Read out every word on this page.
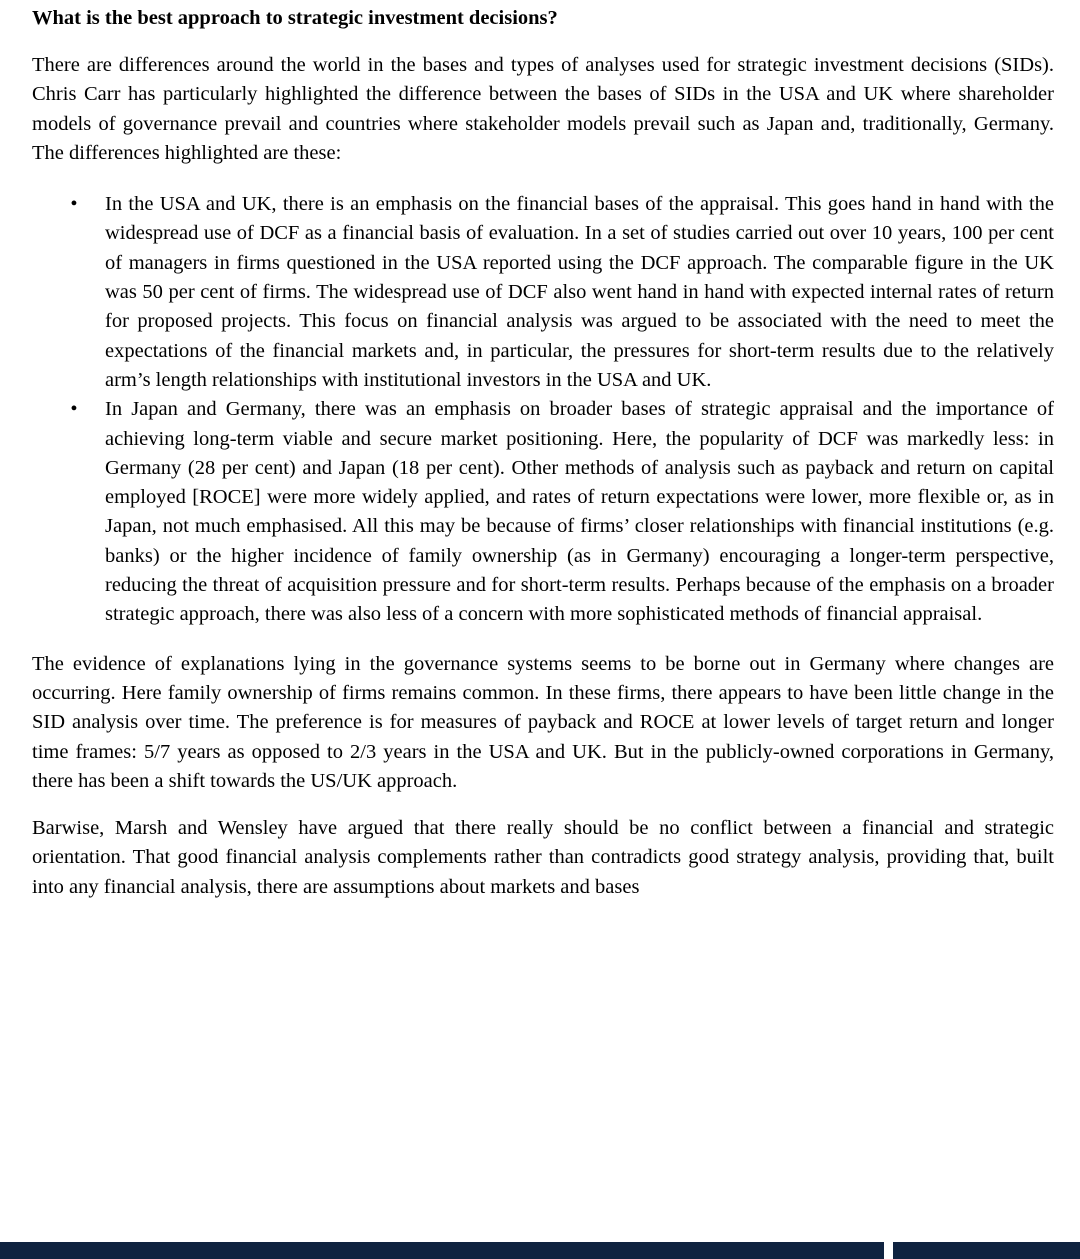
What is the best approach to strategic investment decisions?

There are differences around the world in the bases and types of analyses used for strategic investment decisions (SIDs). Chris Carr has particularly highlighted the difference between the bases of SIDs in the USA and UK where shareholder models of governance prevail and countries where stakeholder models prevail such as Japan and, traditionally, Germany. The differences highlighted are these:

• In the USA and UK, there is an emphasis on the financial bases of the appraisal. This goes hand in hand with the widespread use of DCF as a financial basis of evaluation. In a set of studies carried out over 10 years, 100 per cent of managers in firms questioned in the USA reported using the DCF approach. The comparable figure in the UK was 50 per cent of firms. The widespread use of DCF also went hand in hand with expected internal rates of return for proposed projects. This focus on financial analysis was argued to be associated with the need to meet the expectations of the financial markets and, in particular, the pressures for short-term results due to the relatively arm’s length relationships with institutional investors in the USA and UK.
• In Japan and Germany, there was an emphasis on broader bases of strategic appraisal and the importance of achieving long-term viable and secure market positioning. Here, the popularity of DCF was markedly less: in Germany (28 per cent) and Japan (18 per cent). Other methods of analysis such as payback and return on capital employed [ROCE] were more widely applied, and rates of return expectations were lower, more flexible or, as in Japan, not much emphasised. All this may be because of firms’ closer relationships with financial institutions (e.g. banks) or the higher incidence of family ownership (as in Germany) encouraging a longer-term perspective, reducing the threat of acquisition pressure and for short-term results. Perhaps because of the emphasis on a broader strategic approach, there was also less of a concern with more sophisticated methods of financial appraisal.

The evidence of explanations lying in the governance systems seems to be borne out in Germany where changes are occurring. Here family ownership of firms remains common. In these firms, there appears to have been little change in the SID analysis over time. The preference is for measures of payback and ROCE at lower levels of target return and longer time frames: 5/7 years as opposed to 2/3 years in the USA and UK. But in the publicly-owned corporations in Germany, there has been a shift towards the US/UK approach.

Barwise, Marsh and Wensley have argued that there really should be no conflict between a financial and strategic orientation. That good financial analysis complements rather than contradicts good strategy analysis, providing that, built into any financial analysis, there are assumptions about markets and bases
